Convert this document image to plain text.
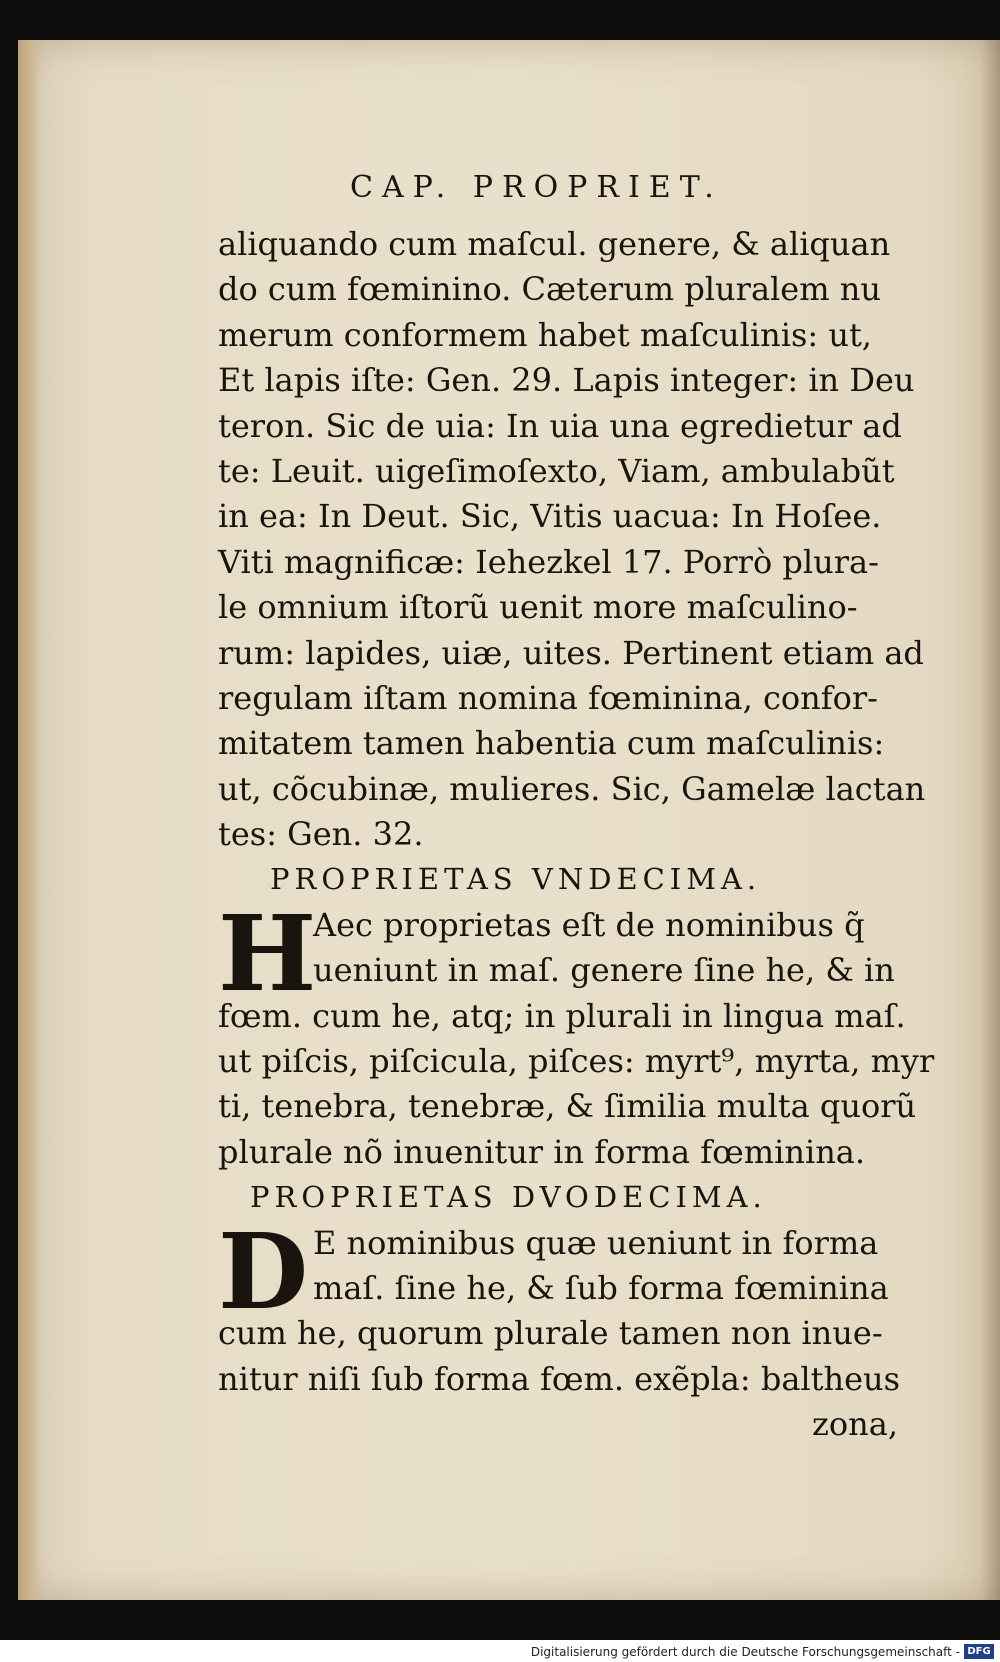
CAP. PROPRIET.
aliquando cum maſcul. genere, & aliquan
do cum fœminino. Cæterum pluralem nu
merum conformem habet maſculinis: ut,
Et lapis iſte: Gen. 29. Lapis integer: in Deu
teron. Sic de uia: In uia una egredietur ad
te: Leuit. uigeſimoſexto, Viam, ambulabũt
in ea: In Deut. Sic, Vitis uacua: In Hoſee.
Viti magnificæ: Iehezkel 17. Porrò plura-
le omnium iſtorũ uenit more maſculino-
rum: lapides, uiæ, uites. Pertinent etiam ad
regulam iſtam nomina fœminina, confor-
mitatem tamen habentia cum maſculinis:
ut, cõcubinæ, mulieres. Sic, Gamelæ lactan
tes: Gen. 32.
PROPRIETAS VNDECIMA.
H
Aec proprietas eſt de nominibus q̃
ueniunt in maſ. genere ſine he, & in
fœm. cum he, atq; in plurali in lingua maſ.
ut piſcis, piſcicula, piſces: myrt⁹, myrta, myr
ti, tenebra, tenebræ, & ſimilia multa quorũ
plurale nõ inuenitur in forma fœminina.
PROPRIETAS DVODECIMA.
D E nominibus quæ ueniunt in forma
maſ. ſine he, & ſub forma fœminina
cum he, quorum plurale tamen non inue-
nitur niſi ſub forma fœm. exẽpla: baltheus
zona,
Digitalisierung gefördert durch die Deutsche Forschungsgemeinschaft - DFG
